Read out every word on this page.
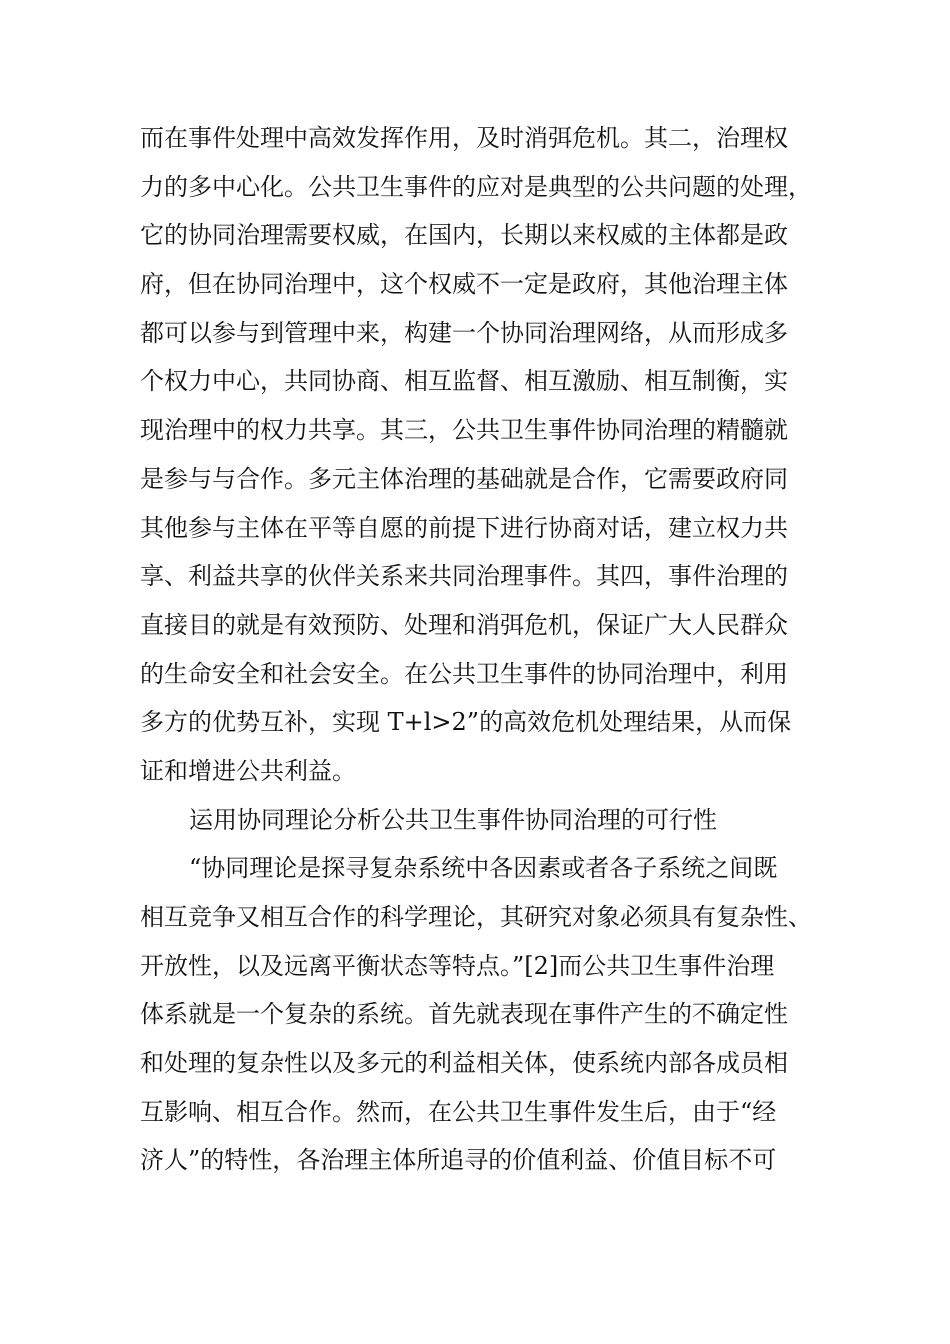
而在事件处理中高效发挥作用，及时消弭危机。其二，治理权
力的多中心化。公共卫生事件的应对是典型的公共问题的处理，
它的协同治理需要权威，在国内，长期以来权威的主体都是政
府，但在协同治理中，这个权威不一定是政府，其他治理主体
都可以参与到管理中来，构建一个协同治理网络，从而形成多
个权力中心，共同协商、相互监督、相互激励、相互制衡，实
现治理中的权力共享。其三，公共卫生事件协同治理的精髓就
是参与与合作。多元主体治理的基础就是合作，它需要政府同
其他参与主体在平等自愿的前提下进行协商对话，建立权力共
享、利益共享的伙伴关系来共同治理事件。其四，事件治理的
直接目的就是有效预防、处理和消弭危机，保证广大人民群众
的生命安全和社会安全。在公共卫生事件的协同治理中，利用
多方的优势互补，实现 T+l>2”的高效危机处理结果，从而保
证和增进公共利益。
运用协同理论分析公共卫生事件协同治理的可行性
“协同理论是探寻复杂系统中各因素或者各子系统之间既
相互竞争又相互合作的科学理论，其研究对象必须具有复杂性、
开放性，以及远离平衡状态等特点。”[2]而公共卫生事件治理
体系就是一个复杂的系统。首先就表现在事件产生的不确定性
和处理的复杂性以及多元的利益相关体，使系统内部各成员相
互影响、相互合作。然而，在公共卫生事件发生后，由于“经
济人”的特性，各治理主体所追寻的价值利益、价值目标不可
